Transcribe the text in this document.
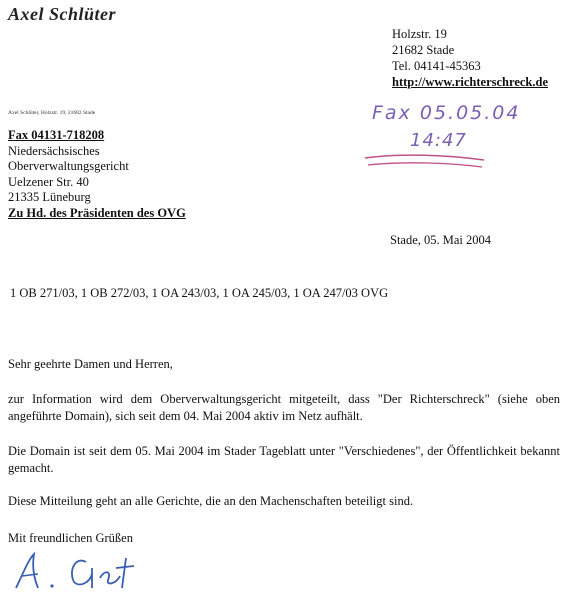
Axel Schlüter
Holzstr. 19
21682 Stade
Tel. 04141-45363
http://www.richterschreck.de
Axel Schlüter, Holzstr. 19, 21682 Stade	Fax 05.05.04
14:47
Fax 04131-718208
Niedersächsisches
Oberverwaltungsgericht
Uelzener Str. 40
21335 Lüneburg
Zu Hd. des Präsidenten des OVG
Stade, 05. Mai 2004
1 OB 271/03, 1 OB 272/03, 1 OA 243/03, 1 OA 245/03, 1 OA 247/03 OVG
Sehr geehrte Damen und Herren,
zur Information wird dem Oberverwaltungsgericht mitgeteilt, dass "Der Richterschreck" (siehe oben angeführte Domain), sich seit dem 04. Mai 2004 aktiv im Netz aufhält.
Die Domain ist seit dem 05. Mai 2004 im Stader Tageblatt unter "Verschiedenes", der Öffentlichkeit bekannt gemacht.
Diese Mitteilung geht an alle Gerichte, die an den Machenschaften beteiligt sind.
Mit freundlichen Grüßen
